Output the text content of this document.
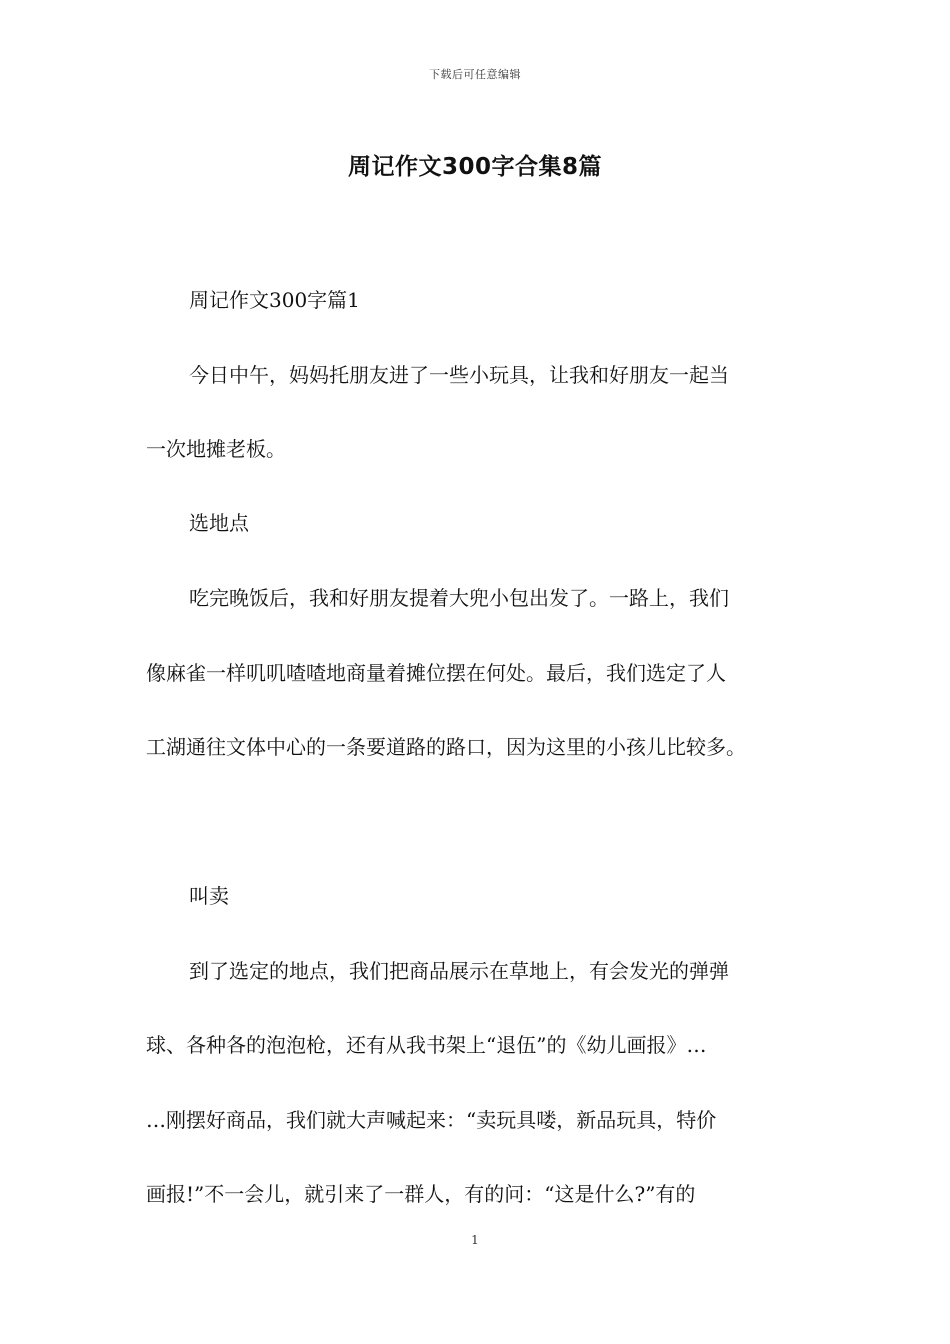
下载后可任意编辑
周记作文300字合集8篇
周记作文300字篇1
今日中午，妈妈托朋友进了一些小玩具，让我和好朋友一起当
一次地摊老板。
选地点
吃完晚饭后，我和好朋友提着大兜小包出发了。一路上，我们
像麻雀一样叽叽喳喳地商量着摊位摆在何处。最后，我们选定了人
工湖通往文体中心的一条要道路的路口，因为这里的小孩儿比较多。
叫卖
到了选定的地点，我们把商品展示在草地上，有会发光的弹弹
球、各种各的泡泡枪，还有从我书架上“退伍”的《幼儿画报》…
…刚摆好商品，我们就大声喊起来：“卖玩具喽，新品玩具，特价
画报!”不一会儿，就引来了一群人，有的问：“这是什么?”有的
1
